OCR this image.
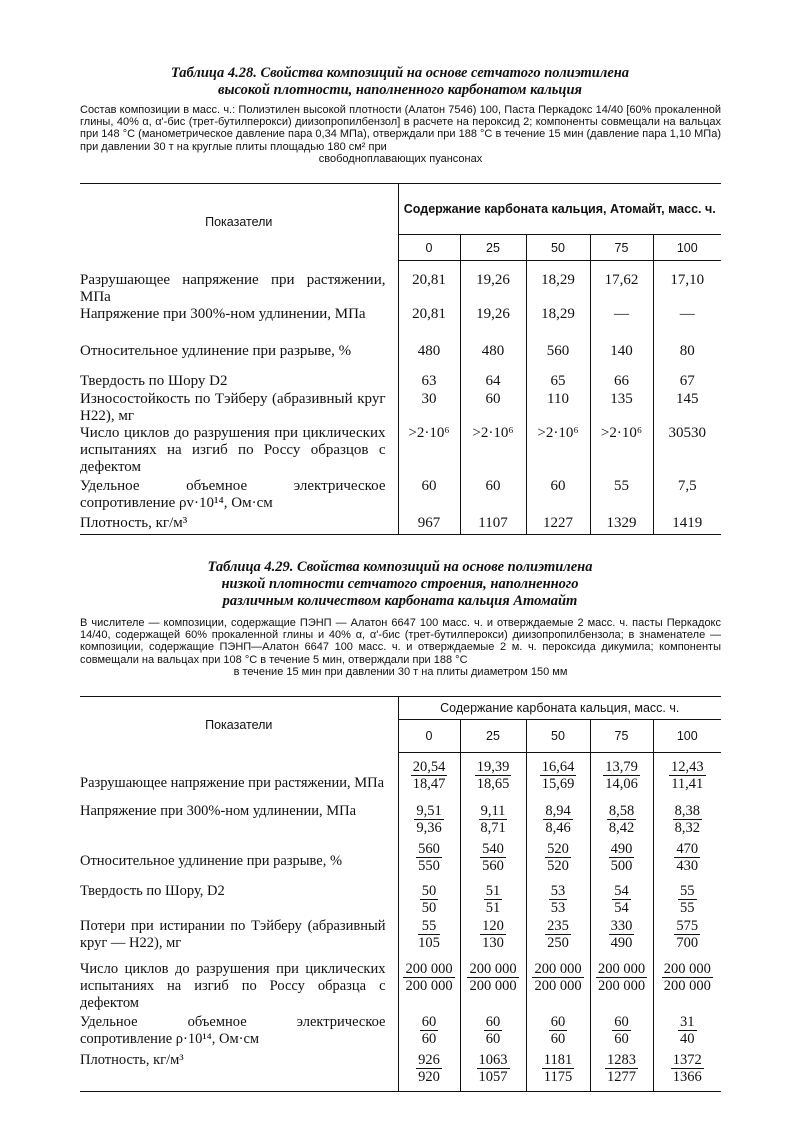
Таблица 4.28. Свойства композиций на основе сетчатого полиэтилена
высокой плотности, наполненного карбонатом кальция
Состав композиции в масс. ч.: Полиэтилен высокой плотности (Алатон 7546) 100, Паста Перкадокс 14/40 [60% прокаленной глины, 40% α, α'-бис (трет-бутилперокси) диизопропилбензол] в расчете на пероксид 2; компоненты совмещали на вальцах при 148 °С (манометрическое давление пара 0,34 МПа), отверждали при 188 °С в течение 15 мин (давление пара 1,10 МПа) при давлении 30 т на круглые плиты площадью 180 см² при
свободноплавающих пуансонах
Показатели	Содержание карбоната кальция, Атомайт, масс. ч.				
	0	25	50	75	100
Разрушающее напряжение при растяжении, МПа	20,81	19,26	18,29	17,62	17,10
Напряжение при 300%-ном удлинении, МПа	20,81	19,26	18,29	—	—
Относительное удлинение при разрыве, %	480	480	560	140	80
Твердость по Шору D2	63	64	65	66	67
Износостойкость по Тэйберу (абразивный круг Н22), мг	30	60	110	135	145
Число циклов до разрушения при циклических испытаниях на изгиб по Россу образцов с дефектом	>2·10⁶	>2·10⁶	>2·10⁶	>2·10⁶	30530
Удельное объемное электрическое сопротивление ρv·10¹⁴, Ом·см	60	60	60	55	7,5
Плотность, кг/м³	967	1107	1227	1329	1419
Таблица 4.29. Свойства композиций на основе полиэтилена
низкой плотности сетчатого строения, наполненного
различным количеством карбоната кальция Атомайт
В числителе — композиции, содержащие ПЭНП — Алатон 6647 100 масс. ч. и отверждаемые 2 масс. ч. пасты Перкадокс 14/40, содержащей 60% прокаленной глины и 40% α, α'-бис (трет-бутилперокси) диизопропилбензола; в знаменателе — композиции, содержащие ПЭНП—Алатон 6647 100 масс. ч. и отверждаемые 2 м. ч. пероксида дикумила; компоненты совмещали на вальцах при 108 °С в течение 5 мин, отверждали при 188 °С
в течение 15 мин при давлении 30 т на плиты диаметром 150 мм
Показатели	Содержание карбоната кальция, масс. ч.				
	0	25	50	75	100
Разрушающее напряжение при растяжении, МПа	$\frac{20,54}{18,47}$	$\frac{19,39}{18,65}$	$\frac{16,64}{15,69}$	$\frac{13,79}{14,06}$	$\frac{12,43}{11,41}$

Напряжение при 300%-ном удлинении, МПа	$\frac{9,51}{9,36}$	$\frac{9,11}{8,71}$	$\frac{8,94}{8,46}$	$\frac{8,58}{8,42}$	$\frac{8,38}{8,32}$

Относительное удлинение при разрыве, %	$\frac{560}{550}$	$\frac{540}{560}$	$\frac{520}{520}$	$\frac{490}{500}$	$\frac{470}{430}$

Твердость по Шору, D2	$\frac{50}{50}$	$\frac{51}{51}$	$\frac{53}{53}$	$\frac{54}{54}$	$\frac{55}{55}$

Потери при истирании по Тэйберу (абразивный круг — Н22), мг	$\frac{55}{105}$	$\frac{120}{130}$	$\frac{235}{250}$	$\frac{330}{490}$	$\frac{575}{700}$

Число циклов до разрушения при циклических испытаниях на изгиб по Россу образца с дефектом	$\frac{200 000}{200 000}$	$\frac{200 000}{200 000}$	$\frac{200 000}{200 000}$	$\frac{200 000}{200 000}$	$\frac{200 000}{200 000}$

Удельное объемное электрическое сопротивление ρ·10¹⁴, Ом·см	$\frac{60}{60}$	$\frac{60}{60}$	$\frac{60}{60}$	$\frac{60}{60}$	$\frac{31}{40}$

Плотность, кг/м³	$\frac{926}{920}$	$\frac{1063}{1057}$	$\frac{1181}{1175}$	$\frac{1283}{1277}$	$\frac{1372}{1366}$
